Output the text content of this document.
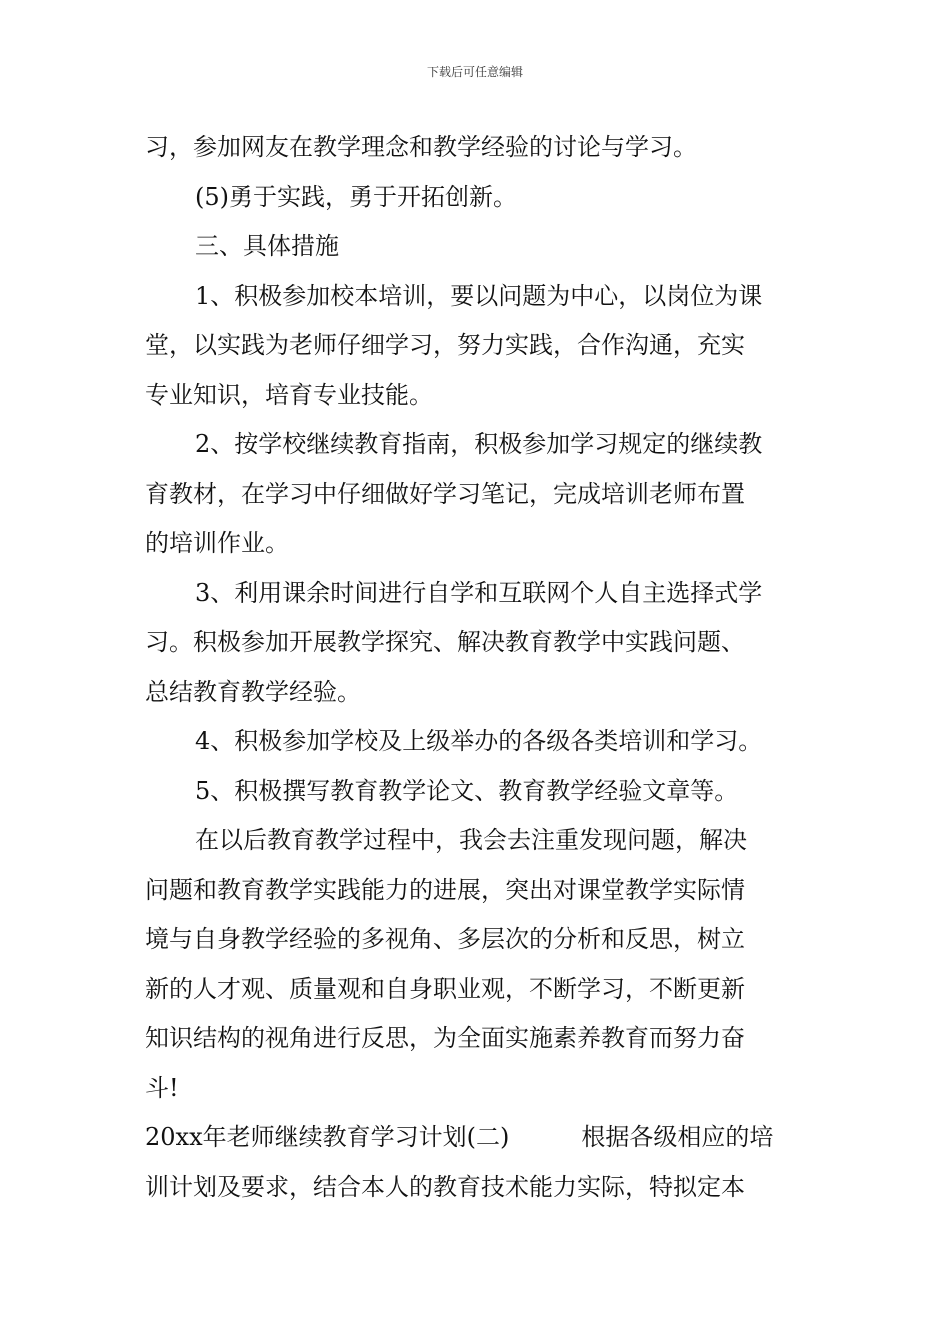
下载后可任意编辑
习，参加网友在教学理念和教学经验的讨论与学习。
(5)勇于实践，勇于开拓创新。
三、具体措施
1、积极参加校本培训，要以问题为中心，以岗位为课
堂，以实践为老师仔细学习，努力实践，合作沟通，充实
专业知识，培育专业技能。
2、按学校继续教育指南，积极参加学习规定的继续教
育教材，在学习中仔细做好学习笔记，完成培训老师布置
的培训作业。
3、利用课余时间进行自学和互联网个人自主选择式学
习。积极参加开展教学探究、解决教育教学中实践问题、
总结教育教学经验。
4、积极参加学校及上级举办的各级各类培训和学习。
5、积极撰写教育教学论文、教育教学经验文章等。
在以后教育教学过程中，我会去注重发现问题，解决
问题和教育教学实践能力的进展，突出对课堂教学实际情
境与自身教学经验的多视角、多层次的分析和反思，树立
新的人才观、质量观和自身职业观，不断学习，不断更新
知识结构的视角进行反思，为全面实施素养教育而努力奋
斗!
20xx年老师继续教育学习计划(二)	根据各级相应的培
训计划及要求，结合本人的教育技术能力实际，特拟定本
